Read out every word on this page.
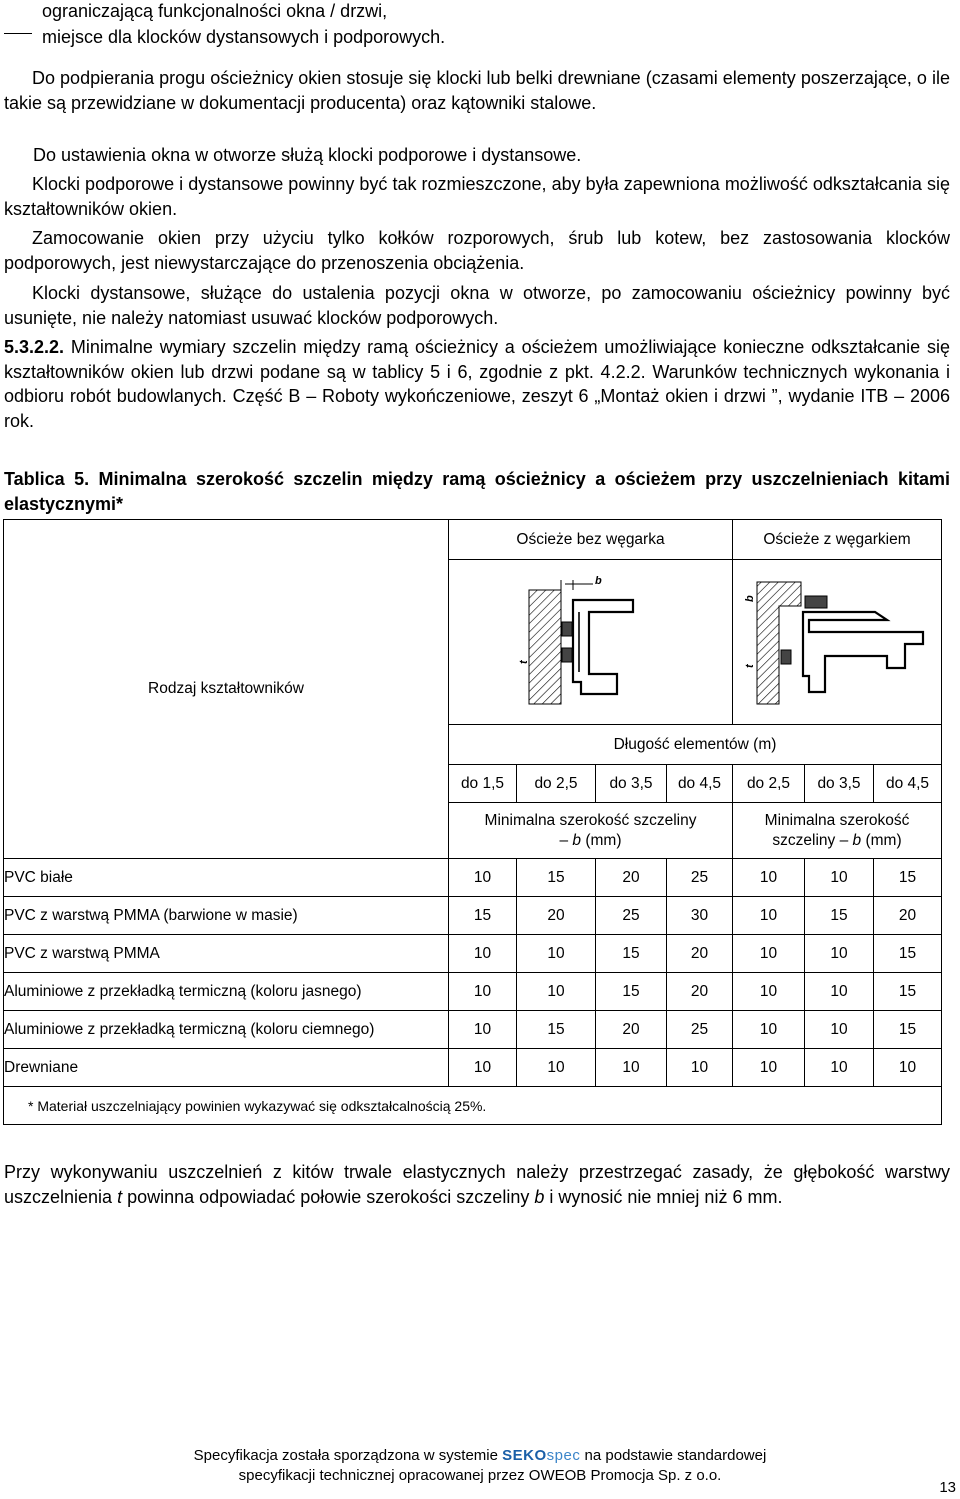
ograniczającą funkcjonalności okna / drzwi,

miejsce dla klocków dystansowych i podporowych.

Do podpierania progu ościeżnicy okien stosuje się klocki lub belki drewniane (czasami elementy poszerzające, o ile takie są przewidziane w dokumentacji producenta) oraz kątowniki stalowe.

Do ustawienia okna w otworze służą klocki podporowe i dystansowe.

Klocki podporowe i dystansowe powinny być tak rozmieszczone, aby była zapewniona możliwość odkształcania się kształtowników okien.

Zamocowanie okien przy użyciu tylko kołków rozporowych, śrub lub kotew, bez zastosowania klocków podporowych, jest niewystarczające do przenoszenia obciążenia.

Klocki dystansowe, służące do ustalenia pozycji okna w otworze, po zamocowaniu ościeżnicy powinny być usunięte, nie należy natomiast usuwać klocków podporowych.

5.3.2.2. Minimalne wymiary szczelin między ramą ościeżnicy a ościeżem umożliwiające konieczne odkształcanie się kształtowników okien lub drzwi podane są w tablicy 5 i 6, zgodnie z pkt. 4.2.2. Warunków technicznych wykonania i odbioru robót budowlanych. Część B – Roboty wykończeniowe, zeszyt 6 „Montaż okien i drzwi ”, wydanie ITB – 2006 rok.

Tablica 5. Minimalna szerokość szczelin między ramą ościeżnicy a ościeżem przy uszczelnieniach kitami elastycznymi*

Rodzaj kształtowników	Ościeże bez węgarka				Ościeże z węgarkiem		

b
t				b
t		

	Długość elementów (m)						
	do 1,5	do 2,5	do 3,5	do 4,5	do 2,5	do 3,5	do 4,5
	Minimalna szerokość szczeliny
– b (mm)				Minimalna szerokość
szczeliny – b (mm)		
PVC białe	10	15	20	25	10	10	15
PVC z warstwą PMMA (barwione w masie)	15	20	25	30	10	15	20
PVC z warstwą PMMA	10	10	15	20	10	10	15
Aluminiowe z przekładką termiczną (koloru jasnego)	10	10	15	20	10	10	15
Aluminiowe z przekładką termiczną (koloru ciemnego)	10	15	20	25	10	10	15
Drewniane	10	10	10	10	10	10	10
* Materiał uszczelniający powinien wykazywać się odkształcalnością 25%.							

Przy wykonywaniu uszczelnień z kitów trwale elastycznych należy przestrzegać zasady, że głębokość warstwy uszczelnienia t powinna odpowiadać połowie szerokości szczeliny b i wynosić nie mniej niż 6 mm.

Specyfikacja została sporządzona w systemie SEKOspec na podstawie standardowej
specyfikacji technicznej opracowanej przez OWEOB Promocja Sp. z o.o.
13
